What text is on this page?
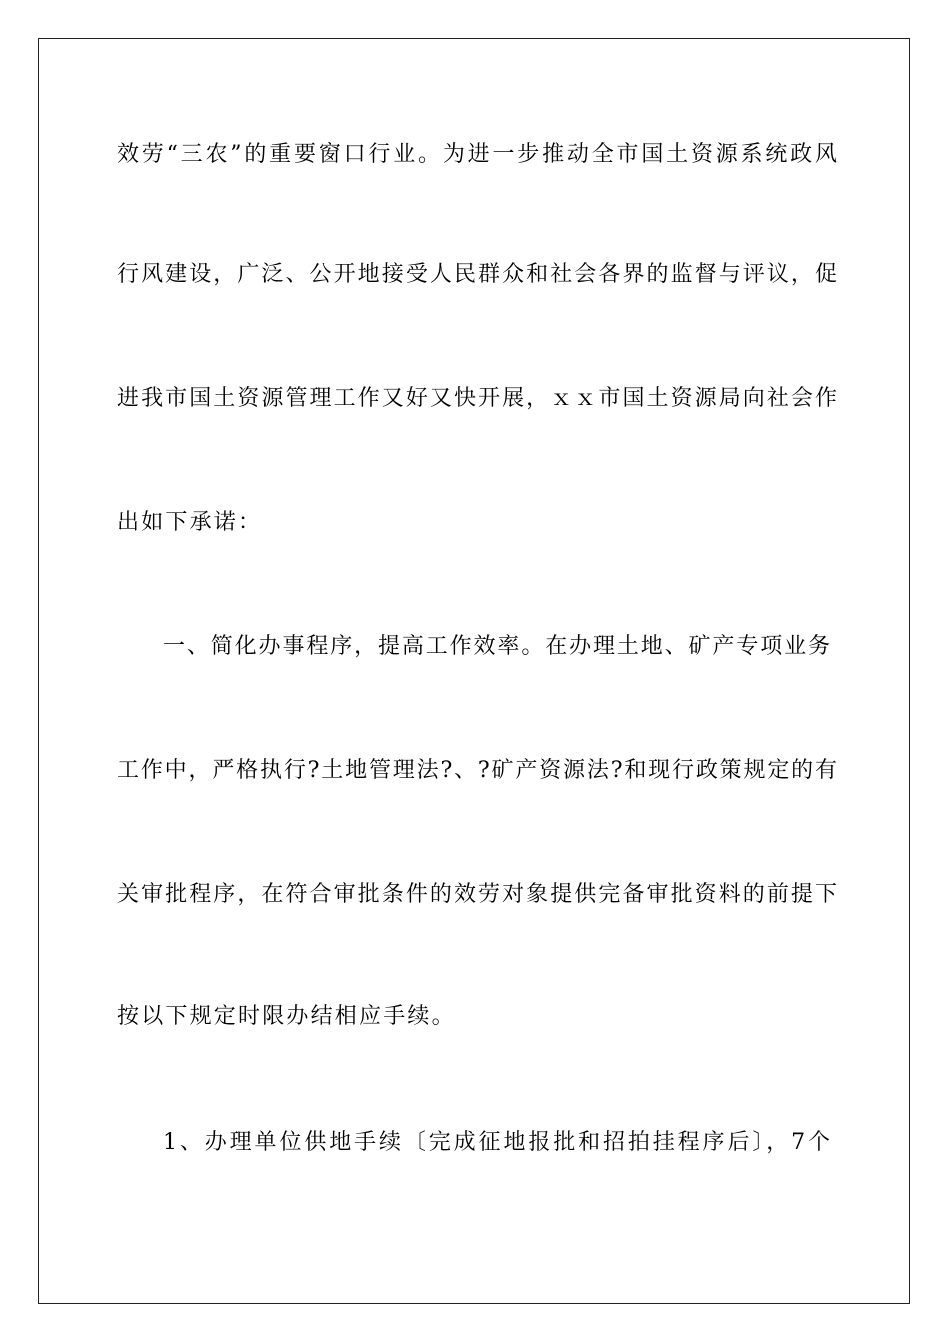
效劳“三农”的重要窗口行业。为进一步推动全市国土资源系统政风
行风建设，广泛、公开地接受人民群众和社会各界的监督与评议，促
进我市国土资源管理工作又好又快开展，ｘｘ市国土资源局向社会作
出如下承诺：
一、简化办事程序，提高工作效率。在办理土地、矿产专项业务
工作中，严格执行?土地管理法?、?矿产资源法?和现行政策规定的有
关审批程序，在符合审批条件的效劳对象提供完备审批资料的前提下
按以下规定时限办结相应手续。
1、办理单位供地手续〔完成征地报批和招拍挂程序后〕，7个
